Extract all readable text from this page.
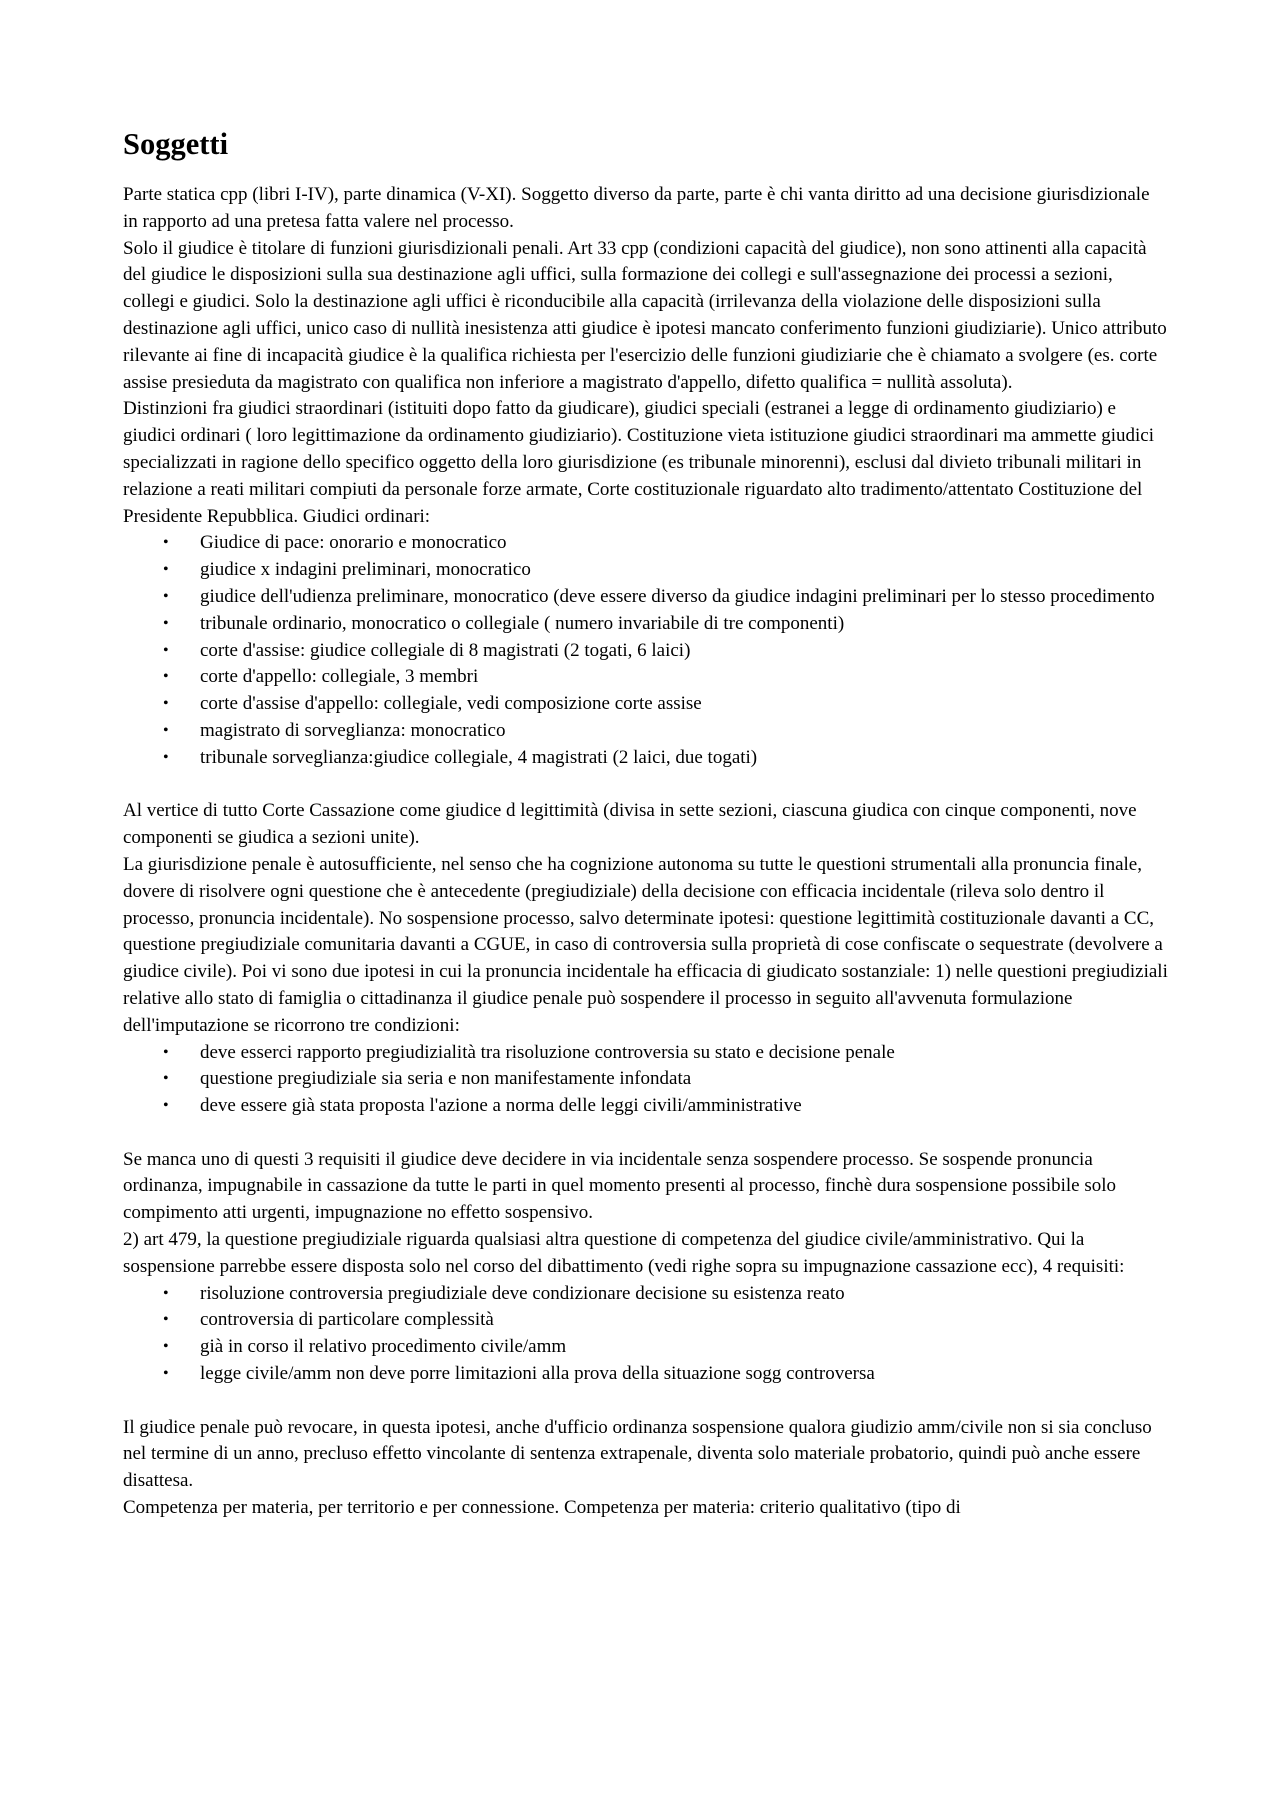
Soggetti

Parte statica cpp (libri I-IV), parte dinamica (V-XI). Soggetto diverso da parte, parte è chi vanta diritto ad una decisione giurisdizionale in rapporto ad una pretesa fatta valere nel processo.

Solo il giudice è titolare di funzioni giurisdizionali penali. Art 33 cpp (condizioni capacità del giudice), non sono attinenti alla capacità del giudice le disposizioni sulla sua destinazione agli uffici, sulla formazione dei collegi e sull'assegnazione dei processi a sezioni, collegi e giudici. Solo la destinazione agli uffici è riconducibile alla capacità (irrilevanza della violazione delle disposizioni sulla destinazione agli uffici, unico caso di nullità inesistenza atti giudice è ipotesi mancato conferimento funzioni giudiziarie). Unico attributo rilevante ai fine di incapacità giudice è la qualifica richiesta per l'esercizio delle funzioni giudiziarie che è chiamato a svolgere (es. corte assise presieduta da magistrato con qualifica non inferiore a magistrato d'appello, difetto qualifica = nullità assoluta).

Distinzioni fra giudici straordinari (istituiti dopo fatto da giudicare), giudici speciali (estranei a legge di ordinamento giudiziario) e giudici ordinari ( loro legittimazione da ordinamento giudiziario). Costituzione vieta istituzione giudici straordinari ma ammette giudici specializzati in ragione dello specifico oggetto della loro giurisdizione (es tribunale minorenni), esclusi dal divieto tribunali militari in relazione a reati militari compiuti da personale forze armate, Corte costituzionale riguardato alto tradimento/attentato Costituzione del Presidente Repubblica. Giudici ordinari:

• Giudice di pace: onorario e monocratico
• giudice x indagini preliminari, monocratico
• giudice dell'udienza preliminare, monocratico (deve essere diverso da giudice indagini preliminari per lo stesso procedimento
• tribunale ordinario, monocratico o collegiale ( numero invariabile di tre componenti)
• corte d'assise: giudice collegiale di 8 magistrati (2 togati, 6 laici)
• corte d'appello: collegiale, 3 membri
• corte d'assise d'appello: collegiale, vedi composizione corte assise
• magistrato di sorveglianza: monocratico
• tribunale sorveglianza:giudice collegiale, 4 magistrati (2 laici, due togati)

Al vertice di tutto Corte Cassazione come giudice d legittimità (divisa in sette sezioni, ciascuna giudica con cinque componenti, nove componenti se giudica a sezioni unite).

La giurisdizione penale è autosufficiente, nel senso che ha cognizione autonoma su tutte le questioni strumentali alla pronuncia finale, dovere di risolvere ogni questione che è antecedente (pregiudiziale) della decisione con efficacia incidentale (rileva solo dentro il processo, pronuncia incidentale). No sospensione processo, salvo determinate ipotesi: questione legittimità costituzionale davanti a CC, questione pregiudiziale comunitaria davanti a CGUE, in caso di controversia sulla proprietà di cose confiscate o sequestrate (devolvere a giudice civile). Poi vi sono due ipotesi in cui la pronuncia incidentale ha efficacia di giudicato sostanziale: 1) nelle questioni pregiudiziali relative allo stato di famiglia o cittadinanza il giudice penale può sospendere il processo in seguito all'avvenuta formulazione dell'imputazione se ricorrono tre condizioni:

• deve esserci rapporto pregiudizialità tra risoluzione controversia su stato e decisione penale
• questione pregiudiziale sia seria e non manifestamente infondata
• deve essere già stata proposta l'azione a norma delle leggi civili/amministrative

Se manca uno di questi 3 requisiti il giudice deve decidere in via incidentale senza sospendere processo. Se sospende pronuncia ordinanza, impugnabile in cassazione da tutte le parti in quel momento presenti al processo, finchè dura sospensione possibile solo compimento atti urgenti, impugnazione no effetto sospensivo.

2) art 479, la questione pregiudiziale riguarda qualsiasi altra questione di competenza del giudice civile/amministrativo. Qui la sospensione parrebbe essere disposta solo nel corso del dibattimento (vedi righe sopra su impugnazione cassazione ecc), 4 requisiti:

• risoluzione controversia pregiudiziale deve condizionare decisione su esistenza reato
• controversia di particolare complessità
• già in corso il relativo procedimento civile/amm
• legge civile/amm non deve porre limitazioni alla prova della situazione sogg controversa

Il giudice penale può revocare, in questa ipotesi, anche d'ufficio ordinanza sospensione qualora giudizio amm/civile non si sia concluso nel termine di un anno, precluso effetto vincolante di sentenza extrapenale, diventa solo materiale probatorio, quindi può anche essere disattesa.

Competenza per materia, per territorio e per connessione. Competenza per materia: criterio qualitativo (tipo di
